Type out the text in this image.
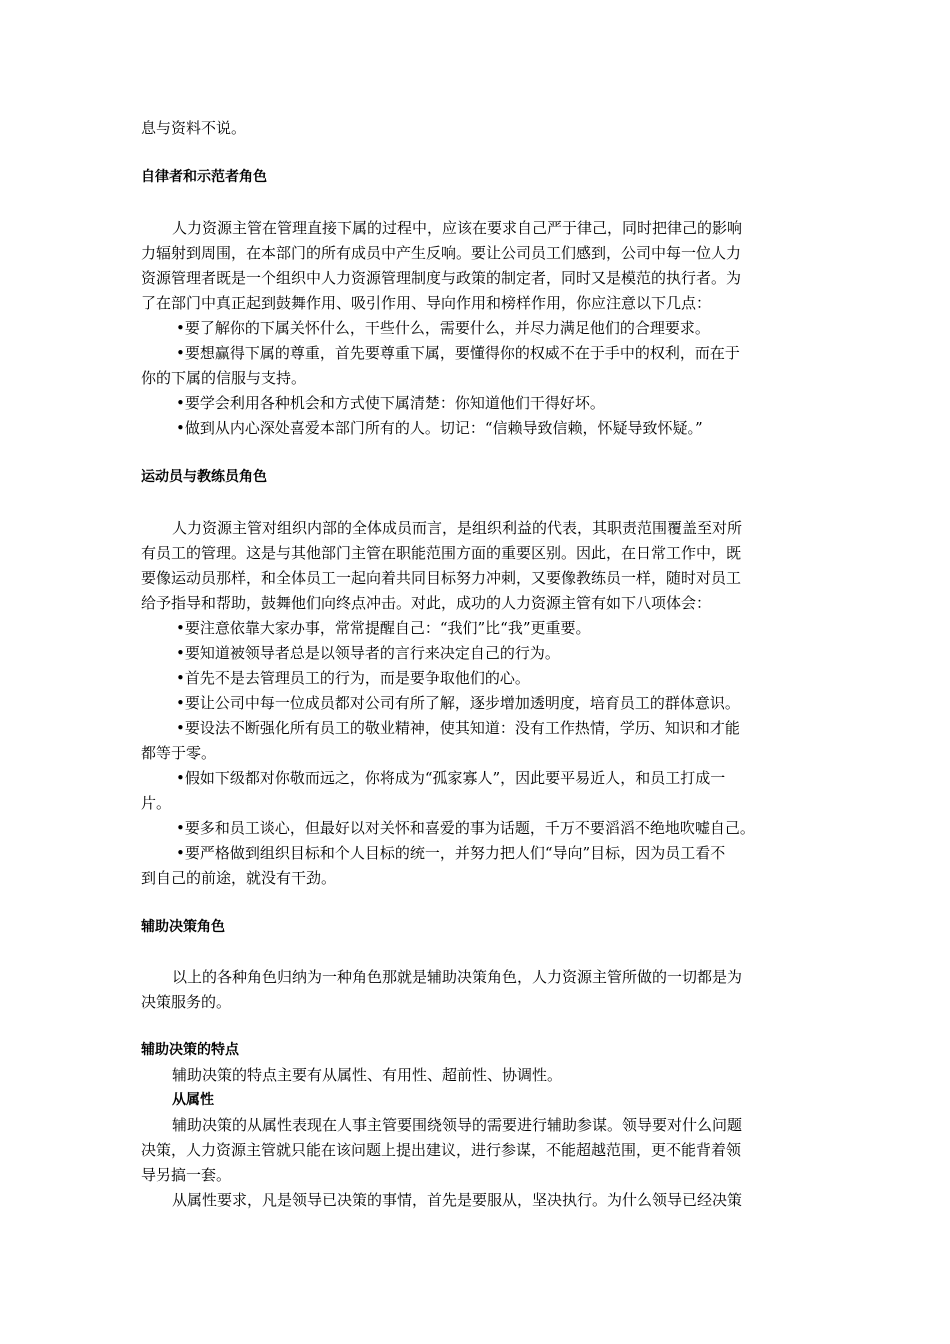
息与资料不说。
自律者和示范者角色
人力资源主管在管理直接下属的过程中，应该在要求自己严于律己，同时把律己的影响
力辐射到周围，在本部门的所有成员中产生反响。要让公司员工们感到，公司中每一位人力
资源管理者既是一个组织中人力资源管理制度与政策的制定者，同时又是模范的执行者。为
了在部门中真正起到鼓舞作用、吸引作用、导向作用和榜样作用，你应注意以下几点：
•要了解你的下属关怀什么，干些什么，需要什么，并尽力满足他们的合理要求。
•要想赢得下属的尊重，首先要尊重下属，要懂得你的权威不在于手中的权利，而在于
你的下属的信服与支持。
•要学会利用各种机会和方式使下属清楚：你知道他们干得好坏。
•做到从内心深处喜爱本部门所有的人。切记：“信赖导致信赖，怀疑导致怀疑。”
运动员与教练员角色
人力资源主管对组织内部的全体成员而言，是组织利益的代表，其职责范围覆盖至对所
有员工的管理。这是与其他部门主管在职能范围方面的重要区别。因此，在日常工作中，既
要像运动员那样，和全体员工一起向着共同目标努力冲刺，又要像教练员一样，随时对员工
给予指导和帮助，鼓舞他们向终点冲击。对此，成功的人力资源主管有如下八项体会：
•要注意依靠大家办事，常常提醒自己：“我们”比“我”更重要。
•要知道被领导者总是以领导者的言行来决定自己的行为。
•首先不是去管理员工的行为，而是要争取他们的心。
•要让公司中每一位成员都对公司有所了解，逐步增加透明度，培育员工的群体意识。
•要设法不断强化所有员工的敬业精神，使其知道：没有工作热情，学历、知识和才能
都等于零。
•假如下级都对你敬而远之，你将成为“孤家寡人”，因此要平易近人，和员工打成一
片。
•要多和员工谈心，但最好以对关怀和喜爱的事为话题，千万不要滔滔不绝地吹嘘自己。
•要严格做到组织目标和个人目标的统一，并努力把人们“导向”目标，因为员工看不
到自己的前途，就没有干劲。
辅助决策角色
以上的各种角色归纳为一种角色那就是辅助决策角色，人力资源主管所做的一切都是为
决策服务的。
辅助决策的特点
辅助决策的特点主要有从属性、有用性、超前性、协调性。
从属性
辅助决策的从属性表现在人事主管要围绕领导的需要进行辅助参谋。领导要对什么问题
决策，人力资源主管就只能在该问题上提出建议，进行参谋，不能超越范围，更不能背着领
导另搞一套。
从属性要求，凡是领导已决策的事情，首先是要服从，坚决执行。为什么领导已经决策
